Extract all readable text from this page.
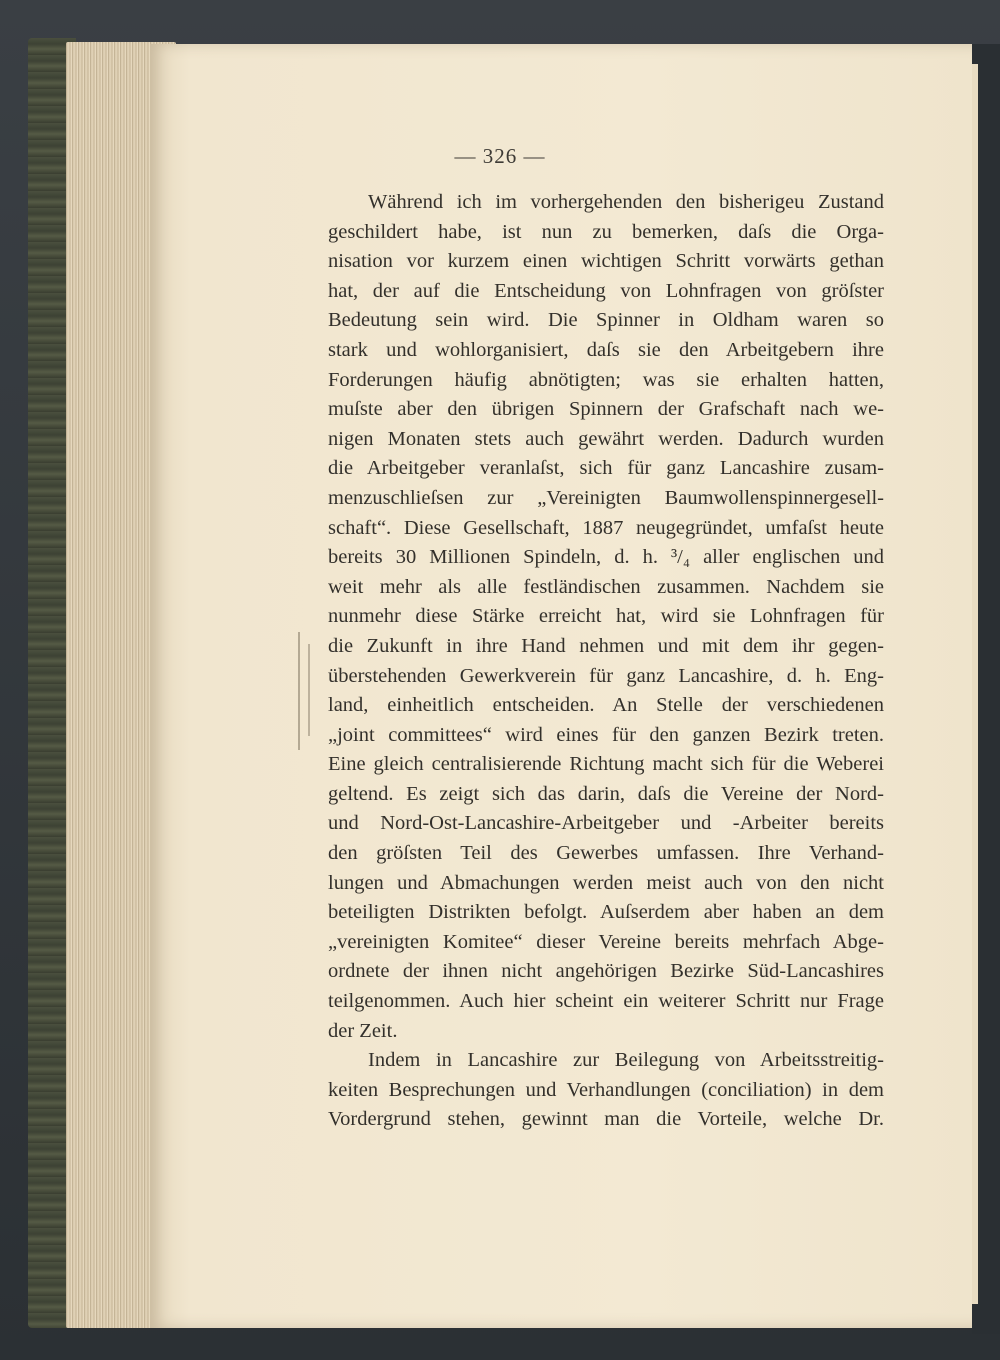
— 326 —
Während ich im vorhergehenden den bisherigeu Zustand
geschildert habe, ist nun zu bemerken, daſs die Orga-
nisation vor kurzem einen wichtigen Schritt vorwärts gethan
hat, der auf die Entscheidung von Lohnfragen von gröſster
Bedeutung sein wird. Die Spinner in Oldham waren so
stark und wohlorganisiert, daſs sie den Arbeitgebern ihre
Forderungen häufig abnötigten; was sie erhalten hatten,
muſste aber den übrigen Spinnern der Grafschaft nach we-
nigen Monaten stets auch gewährt werden. Dadurch wurden
die Arbeitgeber veranlaſst, sich für ganz Lancashire zusam-
menzuschlieſsen zur „Vereinigten Baumwollenspinnergesell-
schaft“. Diese Gesellschaft, 1887 neugegründet, umfaſst heute
bereits 30 Millionen Spindeln, d. h. ³/₄ aller englischen und
weit mehr als alle festländischen zusammen. Nachdem sie
nunmehr diese Stärke erreicht hat, wird sie Lohnfragen für
die Zukunft in ihre Hand nehmen und mit dem ihr gegen-
überstehenden Gewerkverein für ganz Lancashire, d. h. Eng-
land, einheitlich entscheiden. An Stelle der verschiedenen
„joint committees“ wird eines für den ganzen Bezirk treten.
Eine gleich centralisierende Richtung macht sich für die Weberei
geltend. Es zeigt sich das darin, daſs die Vereine der Nord-
und Nord-Ost-Lancashire-Arbeitgeber und -Arbeiter bereits
den gröſsten Teil des Gewerbes umfassen. Ihre Verhand-
lungen und Abmachungen werden meist auch von den nicht
beteiligten Distrikten befolgt. Auſserdem aber haben an dem
„vereinigten Komitee“ dieser Vereine bereits mehrfach Abge-
ordnete der ihnen nicht angehörigen Bezirke Süd-Lancashires
teilgenommen. Auch hier scheint ein weiterer Schritt nur Frage
der Zeit.
Indem in Lancashire zur Beilegung von Arbeitsstreitig-
keiten Besprechungen und Verhandlungen (conciliation) in dem
Vordergrund stehen, gewinnt man die Vorteile, welche Dr.
